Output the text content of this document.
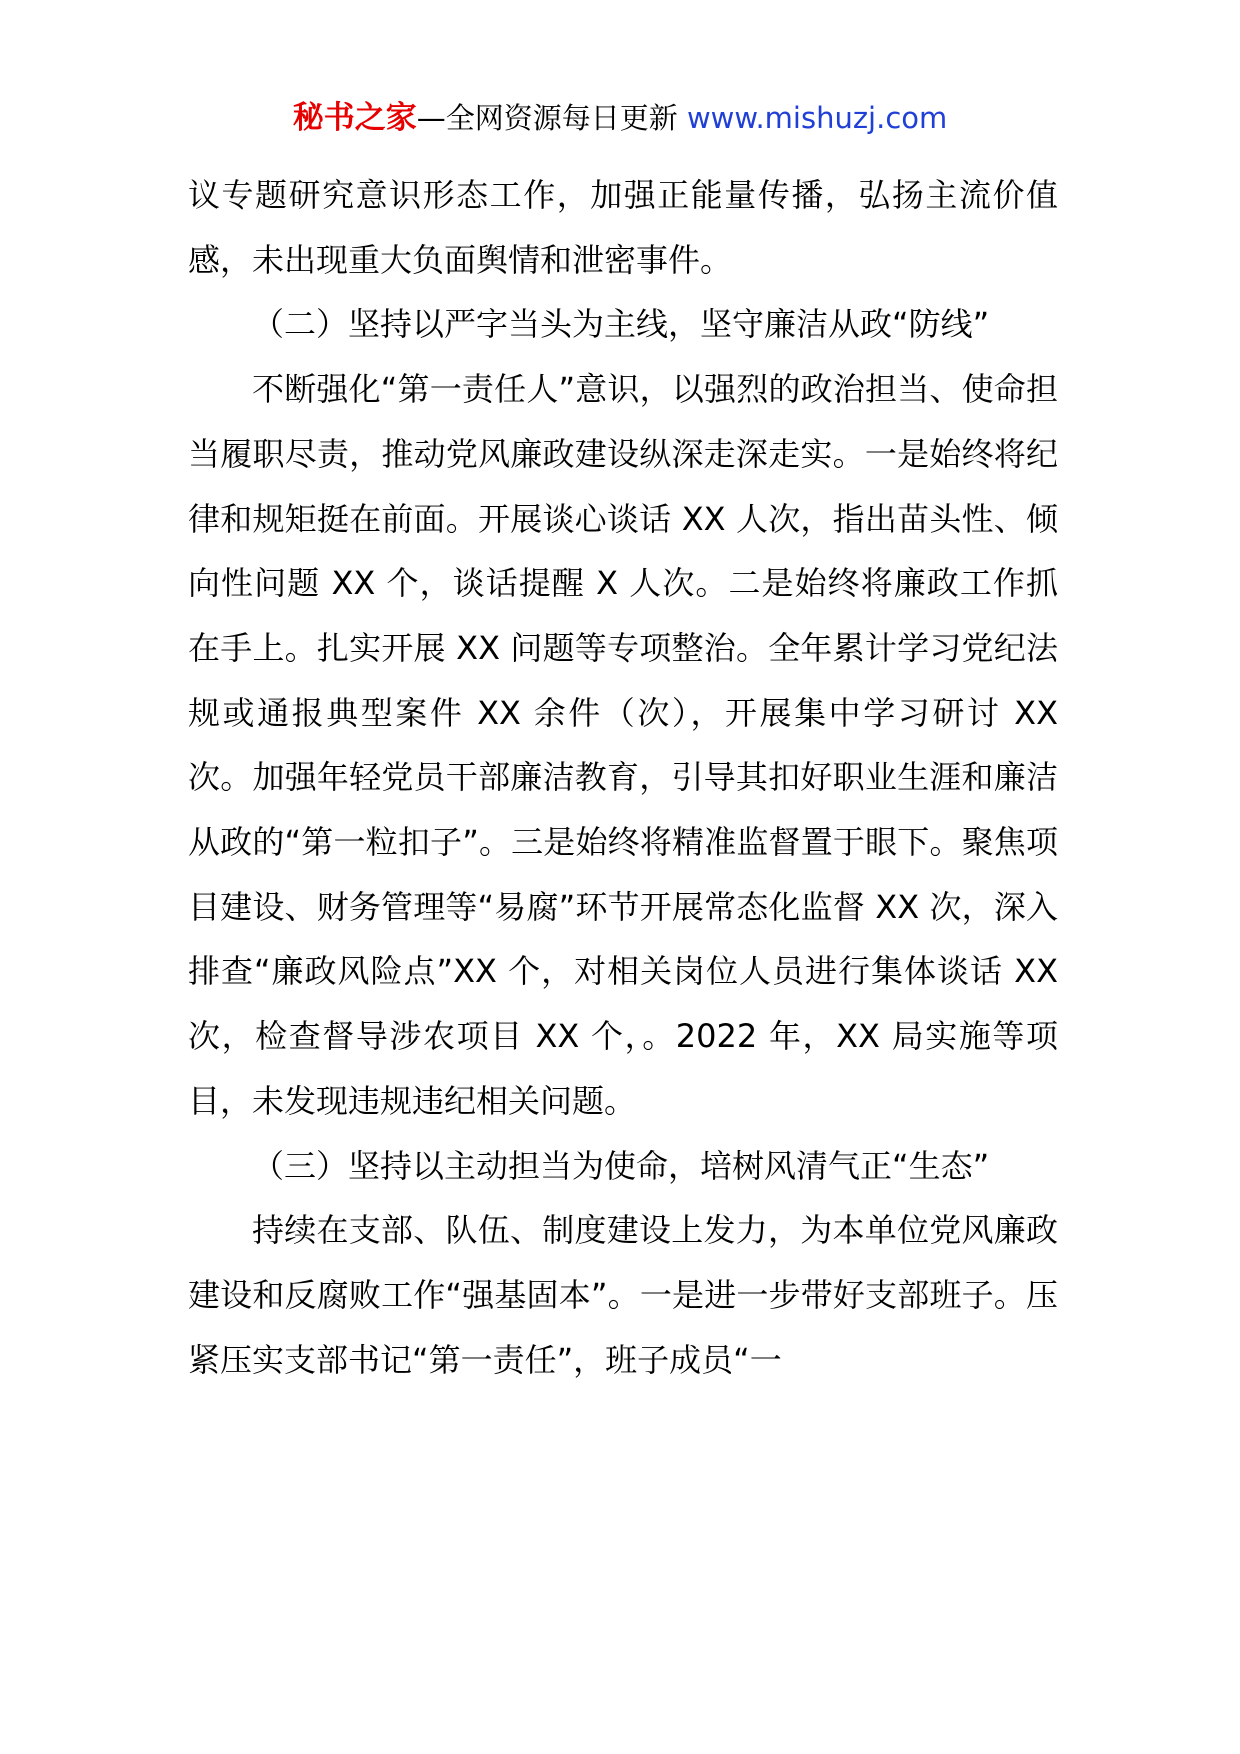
秘书之家—全网资源每日更新 www.mishuzj.com

议专题研究意识形态工作，加强正能量传播，弘扬主流价值感，未出现重大负面舆情和泄密事件。

（二）坚持以严字当头为主线，坚守廉洁从政“防线”

不断强化“第一责任人”意识，以强烈的政治担当、使命担当履职尽责，推动党风廉政建设纵深走深走实。一是始终将纪律和规矩挺在前面。开展谈心谈话 XX 人次，指出苗头性、倾向性问题 XX 个，谈话提醒 X 人次。二是始终将廉政工作抓在手上。扎实开展 XX 问题等专项整治。全年累计学习党纪法规或通报典型案件 XX 余件（次），开展集中学习研讨 XX 次。加强年轻党员干部廉洁教育，引导其扣好职业生涯和廉洁从政的“第一粒扣子”。三是始终将精准监督置于眼下。聚焦项目建设、财务管理等“易腐”环节开展常态化监督 XX 次，深入排查“廉政风险点”XX 个，对相关岗位人员进行集体谈话 XX 次，检查督导涉农项目 XX 个，。2022 年，XX 局实施等项目，未发现违规违纪相关问题。

（三）坚持以主动担当为使命，培树风清气正“生态”

持续在支部、队伍、制度建设上发力，为本单位党风廉政建设和反腐败工作“强基固本”。一是进一步带好支部班子。压紧压实支部书记“第一责任”，班子成员“一
